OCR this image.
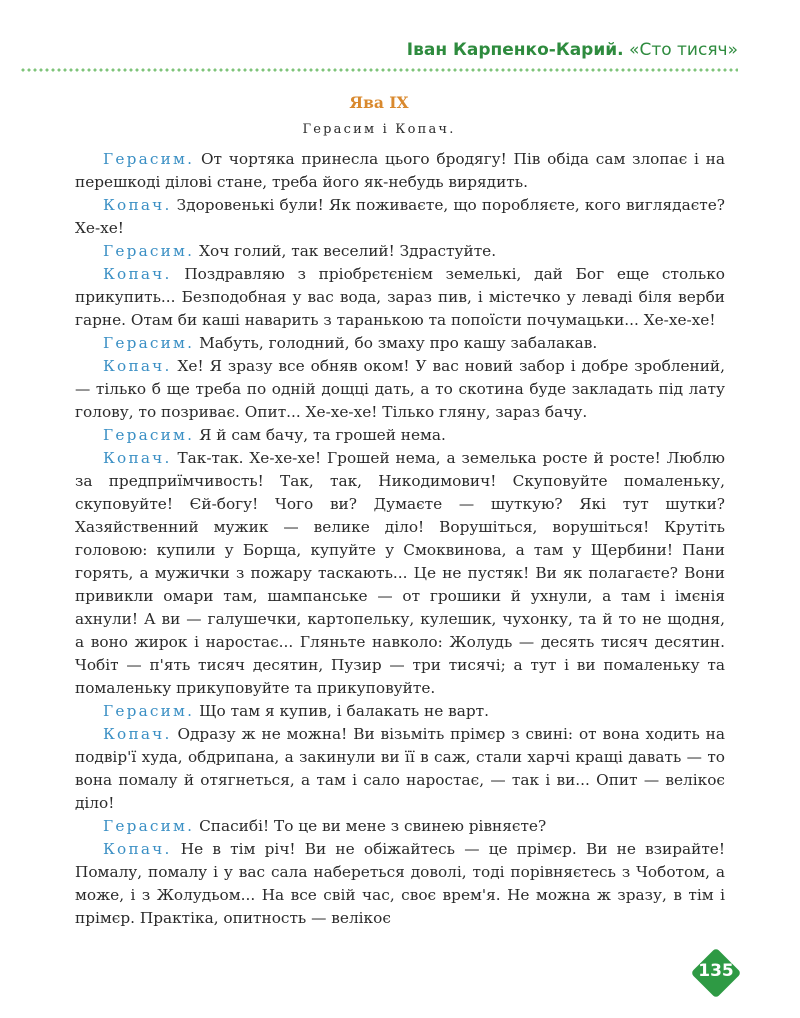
Іван Карпенко-Карий. «Сто тисяч»
Ява IX
Герасим і Копач.

Герасим. От чортяка принесла цього бродягу! Пів обіда сам злопає і на перешкоді ділові стане, треба його як-небудь вирядить.

Копач. Здоровенькі були! Як поживаєте, що поробляєте, кого виглядаєте? Хе-хе!

Герасим. Хоч голий, так веселий! Здрастуйте.

Копач. Поздравляю з пріобрєтєнієм земелькі, дай Бог еще столько прикупить... Безподобная у вас вода, зараз пив, і містечко у леваді біля верби гарне. Отам би каші наварить з таранькою та попоїсти почумацьки... Хе-хе-хе!

Герасим. Мабуть, голодний, бо змаху про кашу забалакав.

Копач. Хе! Я зразу все обняв оком! У вас новий забор і добре зроблений, — тілько б ще треба по одній дощці дать, а то скотина буде закладать під лату голову, то позриває. Опит... Хе-хе-хе! Тілько гляну, зараз бачу.

Герасим. Я й сам бачу, та грошей нема.

Копач. Так-так. Хе-хе-хе! Грошей нема, а земелька росте й росте! Люблю за предприїмчивость! Так, так, Никодимович! Скуповуйте помаленьку, скуповуйте! Єй-богу! Чого ви? Думаєте — шуткую? Які тут шутки? Хазяйственний мужик — велике діло! Ворушіться, ворушіться! Крутіть головою: купили у Борща, купуйте у Смоквинова, а там у Щербини! Пани горять, а мужички з пожару таскають... Це не пустяк! Ви як полагаєте? Вони привикли омари там, шампанське — от грошики й ухнули, а там і імєнія ахнули! А ви — галушечки, картопельку, кулешик, чухонку, та й то не щодня, а воно жирок і наростає... Гляньте навколо: Жолудь — десять тисяч десятин. Чобіт — п'ять тисяч десятин, Пузир — три тисячі; а тут і ви помаленьку та помаленьку прикуповуйте та прикуповуйте.

Герасим. Що там я купив, і балакать не варт.

Копач. Одразу ж не можна! Ви візьміть прімєр з свині: от вона ходить на подвір'ї худа, обдрипана, а закинули ви її в саж, стали харчі кращі давать — то вона помалу й отягнеться, а там і сало наростає, — так і ви... Опит — велікоє діло!

Герасим. Спасибі! То це ви мене з свинею рівняєте?

Копач. Не в тім річ! Ви не обіжайтесь — це прімєр. Ви не взирайте! Помалу, помалу і у вас сала набереться доволі, тоді порівняєтесь з Чоботом, а може, і з Жолудьом... На все свій час, своє врем'я. Не можна ж зразу, в тім і прімєр. Практіка, опитность — велікоє

135
